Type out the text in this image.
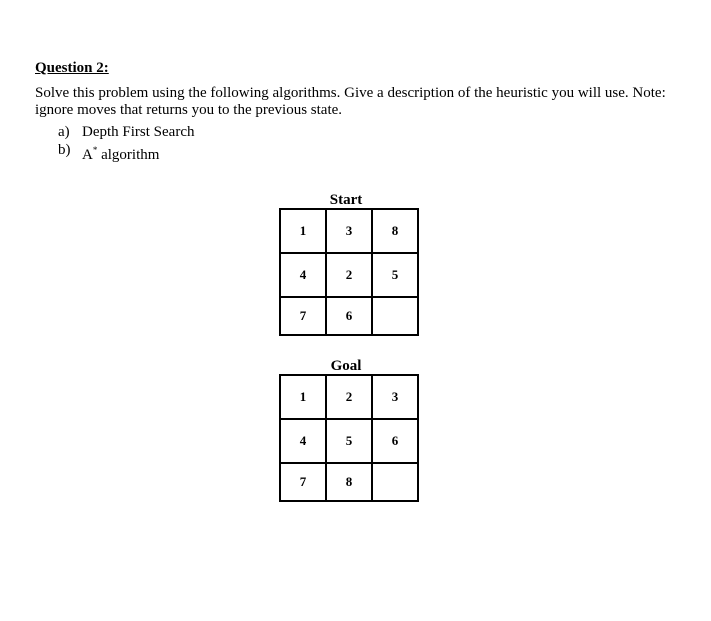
Question 2:

Solve this problem using the following algorithms. Give a description of the heuristic you will use. Note: ignore moves that returns you to the previous state.

a) Depth First Search
b) A* algorithm

Start

1	3	8
4	2	5
7	6	

Goal

1	2	3
4	5	6
7	8	
